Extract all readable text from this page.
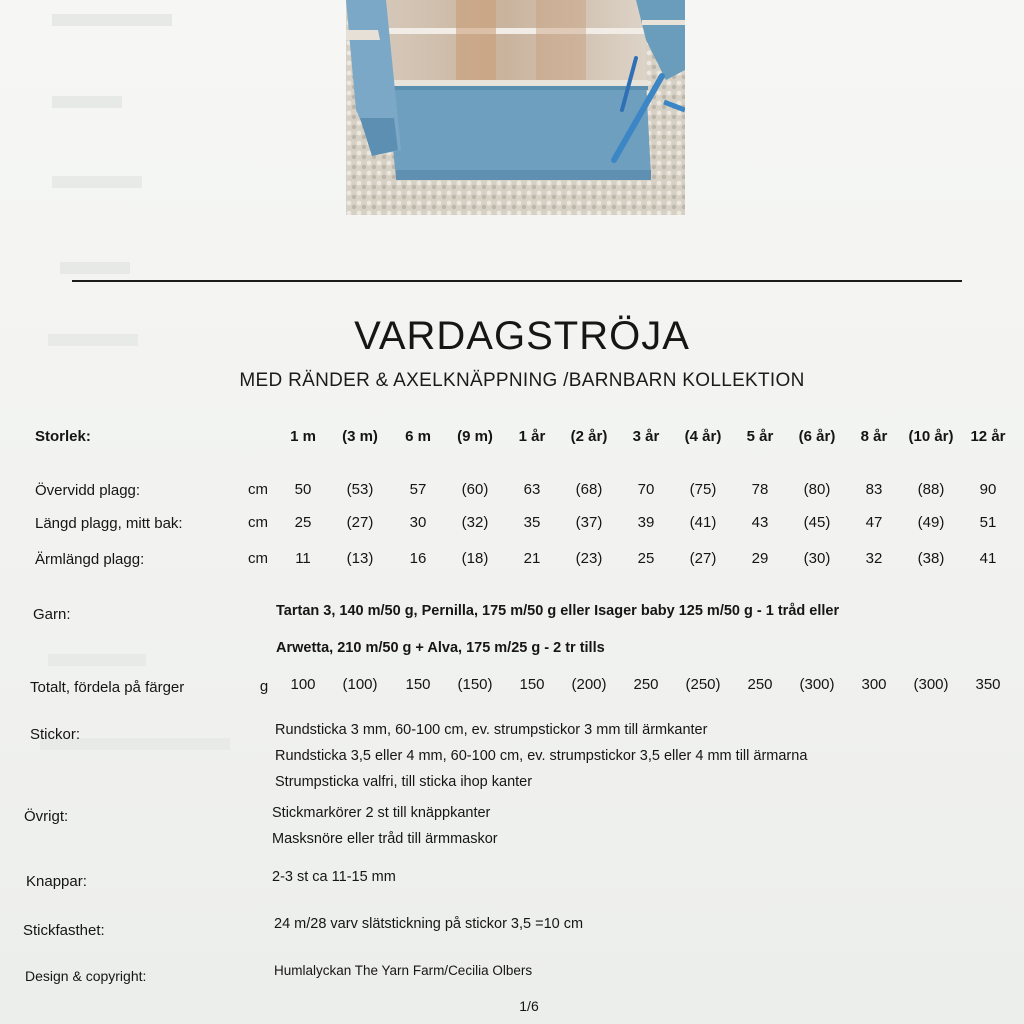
VARDAGSTRÖJA
MED RÄNDER & AXELKNÄPPNING /BARNBARN KOLLEKTION
Storlek:	1 m	(3 m)	6 m	(9 m)	1 år	(2 år)	3 år	(4 år)	5 år	(6 år)	8 år	(10 år)	12 år
Övervidd plagg:	cm	50	(53)	57	(60)	63	(68)	70	(75)	78	(80)	83	(88)	90
Längd plagg, mitt bak:	cm	25	(27)	30	(32)	35	(37)	39	(41)	43	(45)	47	(49)	51
Ärmlängd plagg:	cm	11	(13)	16	(18)	21	(23)	25	(27)	29	(30)	32	(38)	41
Garn:	Tartan 3, 140 m/50 g, Pernilla, 175 m/50 g eller Isager baby 125 m/50 g - 1 tråd eller
Arwetta, 210 m/50 g + Alva, 175 m/25 g - 2 tr tills
Totalt, fördela på färger	g	100	(100)	150	(150)	150	(200)	250	(250)	250	(300)	300	(300)	350
Stickor:	Rundsticka 3 mm, 60-100 cm, ev. strumpstickor 3 mm till ärmkanter
Rundsticka 3,5 eller 4 mm, 60-100 cm, ev. strumpstickor 3,5 eller 4 mm till ärmarna
Strumpsticka valfri, till sticka ihop kanter
Övrigt:	Stickmarkörer 2 st till knäppkanter
Masksnöre eller tråd till ärmmaskor
Knappar:	2-3 st ca 11-15 mm
Stickfasthet:	24 m/28 varv slätstickning på stickor 3,5 =10 cm
Design & copyright:	Humlalyckan The Yarn Farm/Cecilia Olbers
1/6
